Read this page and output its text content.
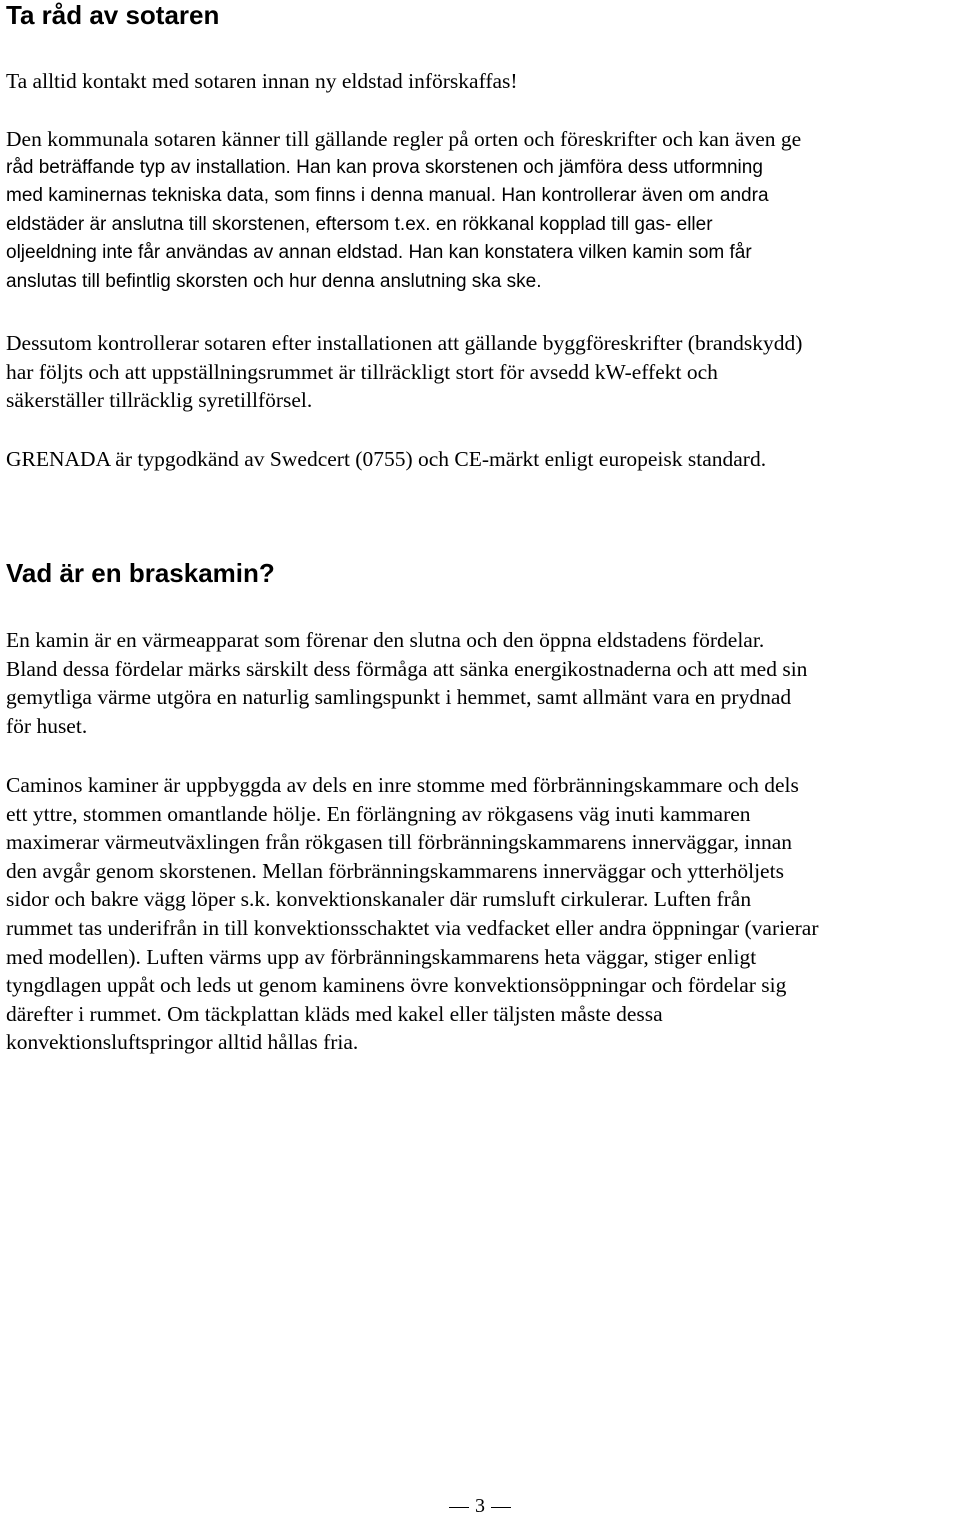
Ta råd av sotaren

Ta alltid kontakt med sotaren innan ny eldstad införskaffas!

Den kommunala sotaren känner till gällande regler på orten och föreskrifter och kan även ge
råd beträffande typ av installation. Han kan prova skorstenen och jämföra dess utformning
med kaminernas tekniska data, som finns i denna manual. Han kontrollerar även om andra
eldstäder är anslutna till skorstenen, eftersom t.ex. en rökkanal kopplad till gas- eller
oljeeldning inte får användas av annan eldstad. Han kan konstatera vilken kamin som får
anslutas till befintlig skorsten och hur denna anslutning ska ske.

Dessutom kontrollerar sotaren efter installationen att gällande byggföreskrifter (brandskydd)
har följts och att uppställningsrummet är tillräckligt stort för avsedd kW-effekt och
säkerställer tillräcklig syretillförsel.

GRENADA är typgodkänd av Swedcert (0755) och CE-märkt enligt europeisk standard.

Vad är en braskamin?

En kamin är en värmeapparat som förenar den slutna och den öppna eldstadens fördelar.
Bland dessa fördelar märks särskilt dess förmåga att sänka energikostnaderna och att med sin
gemytliga värme utgöra en naturlig samlingspunkt i hemmet, samt allmänt vara en prydnad
för huset.

Caminos kaminer är uppbyggda av dels en inre stomme med förbränningskammare och dels
ett yttre, stommen omantlande hölje. En förlängning av rökgasens väg inuti kammaren
maximerar värmeutväxlingen från rökgasen till förbränningskammarens innerväggar, innan
den avgår genom skorstenen. Mellan förbränningskammarens innerväggar och ytterhöljets
sidor och bakre vägg löper s.k. konvektionskanaler där rumsluft cirkulerar. Luften från
rummet tas underifrån in till konvektionsschaktet via vedfacket eller andra öppningar (varierar
med modellen). Luften värms upp av förbränningskammarens heta väggar, stiger enligt
tyngdlagen uppåt och leds ut genom kaminens övre konvektionsöppningar och fördelar sig
därefter i rummet. Om täckplattan kläds med kakel eller täljsten måste dessa
konvektionsluftspringor alltid hållas fria.

3
